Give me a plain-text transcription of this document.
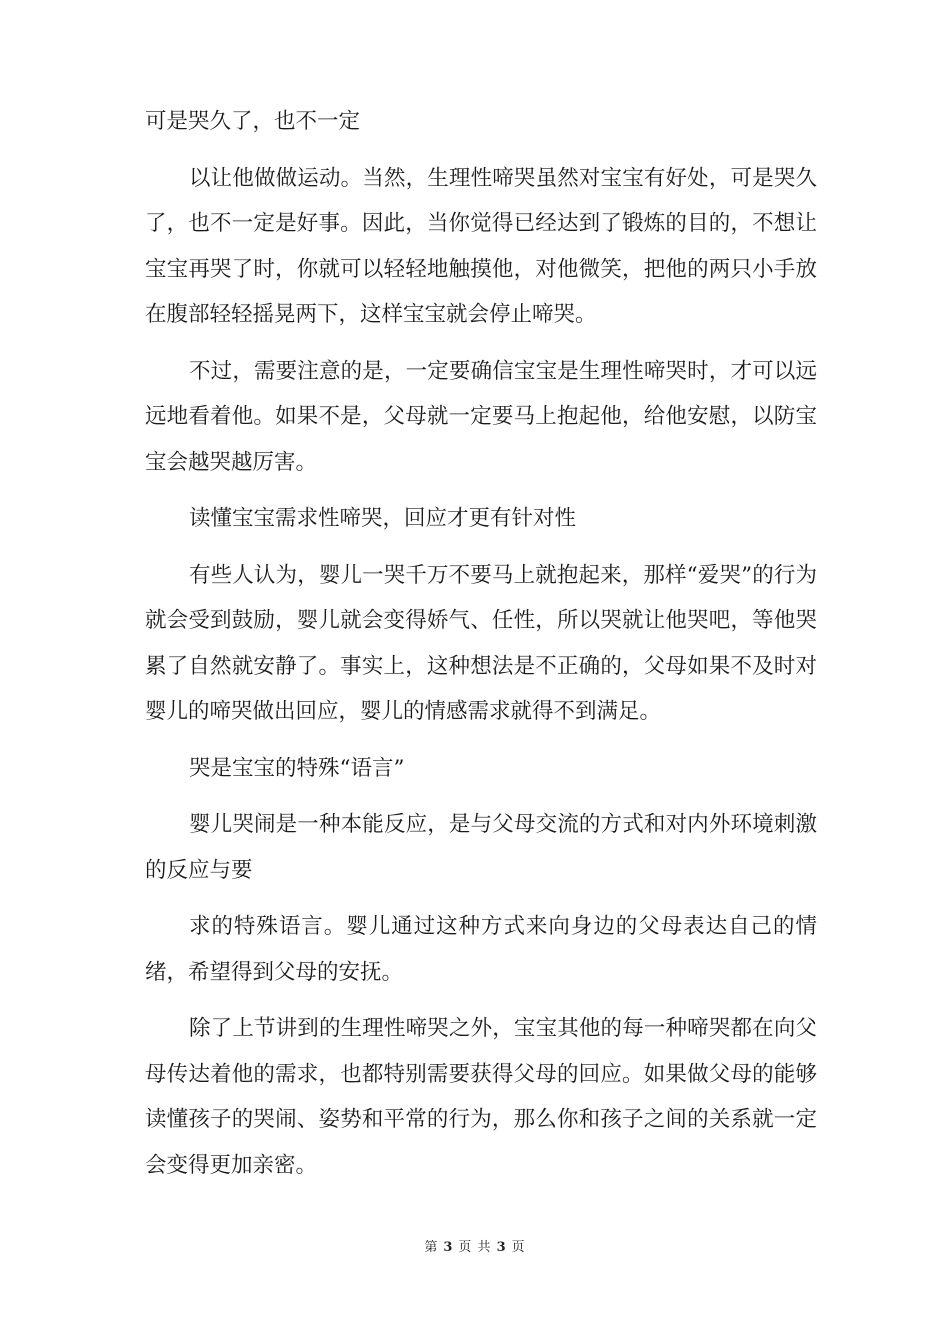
可是哭久了，也不一定

以让他做做运动。当然，生理性啼哭虽然对宝宝有好处，可是哭久了，也不一定是好事。因此，当你觉得已经达到了锻炼的目的，不想让宝宝再哭了时，你就可以轻轻地触摸他，对他微笑，把他的两只小手放在腹部轻轻摇晃两下，这样宝宝就会停止啼哭。

不过，需要注意的是，一定要确信宝宝是生理性啼哭时，才可以远远地看着他。如果不是，父母就一定要马上抱起他，给他安慰，以防宝宝会越哭越厉害。

读懂宝宝需求性啼哭，回应才更有针对性

有些人认为，婴儿一哭千万不要马上就抱起来，那样“爱哭”的行为就会受到鼓励，婴儿就会变得娇气、任性，所以哭就让他哭吧，等他哭累了自然就安静了。事实上，这种想法是不正确的，父母如果不及时对婴儿的啼哭做出回应，婴儿的情感需求就得不到满足。

哭是宝宝的特殊“语言”

婴儿哭闹是一种本能反应，是与父母交流的方式和对内外环境刺激的反应与要

求的特殊语言。婴儿通过这种方式来向身边的父母表达自己的情绪，希望得到父母的安抚。

除了上节讲到的生理性啼哭之外，宝宝其他的每一种啼哭都在向父母传达着他的需求，也都特别需要获得父母的回应。如果做父母的能够读懂孩子的哭闹、姿势和平常的行为，那么你和孩子之间的关系就一定会变得更加亲密。

第 3 页 共 3 页
